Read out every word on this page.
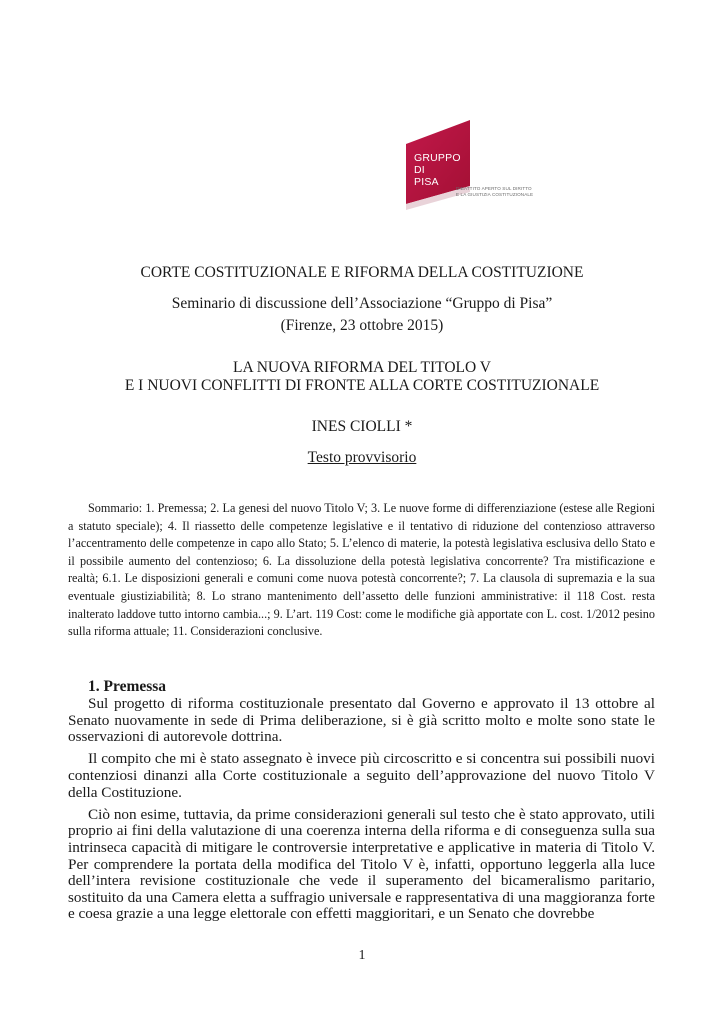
GRUPPO
DI
PISA
DIBATTITO APERTO SUL DIRITTO
E LA GIUSTIZIA COSTITUZIONALE
CORTE COSTITUZIONALE E RIFORMA DELLA COSTITUZIONE
Seminario di discussione dell’Associazione “Gruppo di Pisa”
(Firenze, 23 ottobre 2015)
LA NUOVA RIFORMA DEL TITOLO V
E I NUOVI CONFLITTI DI FRONTE ALLA CORTE COSTITUZIONALE
INES CIOLLI *
Testo provvisorio
Sommario: 1. Premessa; 2. La genesi del nuovo Titolo V; 3. Le nuove forme di differenziazione (estese alle Regioni a statuto speciale); 4. Il riassetto delle competenze legislative e il tentativo di riduzione del contenzioso attraverso l’accentramento delle competenze in capo allo Stato; 5. L’elenco di materie, la potestà legislativa esclusiva dello Stato e il possibile aumento del contenzioso; 6. La dissoluzione della potestà legislativa concorrente? Tra mistificazione e realtà; 6.1. Le disposizioni generali e comuni come nuova potestà concorrente?; 7. La clausola di supremazia e la sua eventuale giustiziabilità; 8. Lo strano mantenimento dell’assetto delle funzioni amministrative: il 118 Cost. resta inalterato laddove tutto intorno cambia...; 9. L’art. 119 Cost: come le modifiche già apportate con L. cost. 1/2012 pesino sulla riforma attuale; 11. Considerazioni conclusive.
1. Premessa

Sul progetto di riforma costituzionale presentato dal Governo e approvato il 13 ottobre al Senato nuovamente in sede di Prima deliberazione, si è già scritto molto e molte sono state le osservazioni di autorevole dottrina.

Il compito che mi è stato assegnato è invece più circoscritto e si concentra sui possibili nuovi contenziosi dinanzi alla Corte costituzionale a seguito dell’approvazione del nuovo Titolo V della Costituzione.

Ciò non esime, tuttavia, da prime considerazioni generali sul testo che è stato approvato, utili proprio ai fini della valutazione di una coerenza interna della riforma e di conseguenza sulla sua intrinseca capacità di mitigare le controversie interpretative e applicative in materia di Titolo V. Per comprendere la portata della modifica del Titolo V è, infatti, opportuno leggerla alla luce dell’intera revisione costituzionale che vede il superamento del bicameralismo paritario, sostituito da una Camera eletta a suffragio universale e rappresentativa di una maggioranza forte e coesa grazie a una legge elettorale con effetti maggioritari, e un Senato che dovrebbe

1
